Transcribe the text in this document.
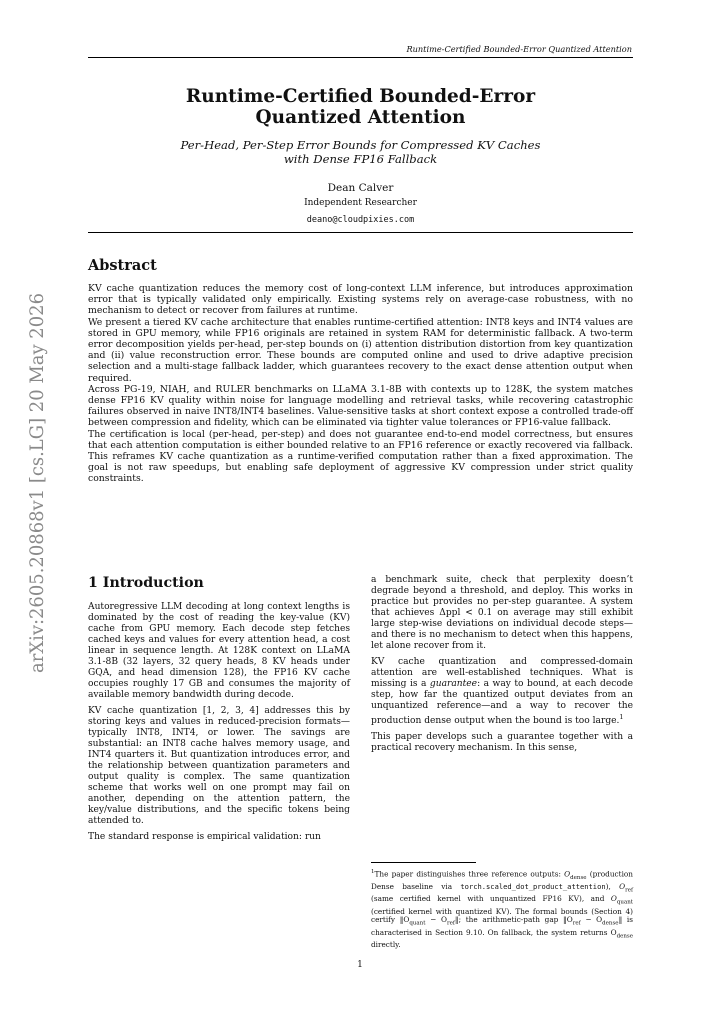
Runtime-Certified Bounded-Error Quantized Attention
Runtime-Certified Bounded-Error
Quantized Attention
Per-Head, Per-Step Error Bounds for Compressed KV Caches
with Dense FP16 Fallback
Dean Calver
Independent Researcher
deano@cloudpixies.com
arXiv:2605.20868v1 [cs.LG] 20 May 2026
Abstract

KV cache quantization reduces the memory cost of long-context LLM inference, but introduces approximation error that is typically validated only empirically. Existing systems rely on average-case robustness, with no mechanism to detect or recover from failures at runtime.

We present a tiered KV cache architecture that enables runtime-certified attention: INT8 keys and INT4 values are stored in GPU memory, while FP16 originals are retained in system RAM for deterministic fallback. A two-term error decomposition yields per-head, per-step bounds on (i) attention distribution distortion from key quantization and (ii) value reconstruction error. These bounds are computed online and used to drive adaptive precision selection and a multi-stage fallback ladder, which guarantees recovery to the exact dense attention output when required.

Across PG-19, NIAH, and RULER benchmarks on LLaMA 3.1-8B with contexts up to 128K, the system matches dense FP16 KV quality within noise for language modelling and retrieval tasks, while recovering catastrophic failures observed in naive INT8/INT4 baselines. Value-sensitive tasks at short context expose a controlled trade-off between compression and fidelity, which can be eliminated via tighter value tolerances or FP16-value fallback.

The certification is local (per-head, per-step) and does not guarantee end-to-end model correctness, but ensures that each attention computation is either bounded relative to an FP16 reference or exactly recovered via fallback. This reframes KV cache quantization as a runtime-verified computation rather than a fixed approximation. The goal is not raw speedups, but enabling safe deployment of aggressive KV compression under strict quality constraints.

1 Introduction

Autoregressive LLM decoding at long context lengths is dominated by the cost of reading the key-value (KV) cache from GPU memory. Each decode step fetches cached keys and values for every attention head, a cost linear in sequence length. At 128K context on LLaMA 3.1-8B (32 layers, 32 query heads, 8 KV heads under GQA, and head dimension 128), the FP16 KV cache occupies roughly 17 GB and consumes the majority of available memory bandwidth during decode.

KV cache quantization [1, 2, 3, 4] addresses this by storing keys and values in reduced-precision formats—typically INT8, INT4, or lower. The savings are substantial: an INT8 cache halves memory usage, and INT4 quarters it. But quantization introduces error, and the relationship between quantization parameters and output quality is complex. The same quantization scheme that works well on one prompt may fail on another, depending on the attention pattern, the key/value distributions, and the specific tokens being attended to.

The standard response is empirical validation: run

a benchmark suite, check that perplexity doesn’t degrade beyond a threshold, and deploy. This works in practice but provides no per-step guarantee. A system that achieves Δppl < 0.1 on average may still exhibit large step-wise deviations on individual decode steps—and there is no mechanism to detect when this happens, let alone recover from it.

KV cache quantization and compressed-domain attention are well-established techniques. What is missing is a guarantee: a way to bound, at each decode step, how far the quantized output deviates from an unquantized reference—and a way to recover the production dense output when the bound is too large.$^1$

This paper develops such a guarantee together with a practical recovery mechanism. In this sense,

$^1$The paper distinguishes three reference outputs: $O_{dense}$ (production Dense baseline via torch.scaled_dot_product_attention), $O_{ref}$ (same certified kernel with unquantized FP16 KV), and $O_{quant}$ (certified kernel with quantized KV). The formal bounds (Section 4) certify $‖O_{quant}$ − $O_{ref}‖$; the arithmetic-path gap $‖O_{ref}$ − $O_{dense}‖$ is characterised in Section 9.10. On fallback, the system returns $O_{dense}$ directly.

1
